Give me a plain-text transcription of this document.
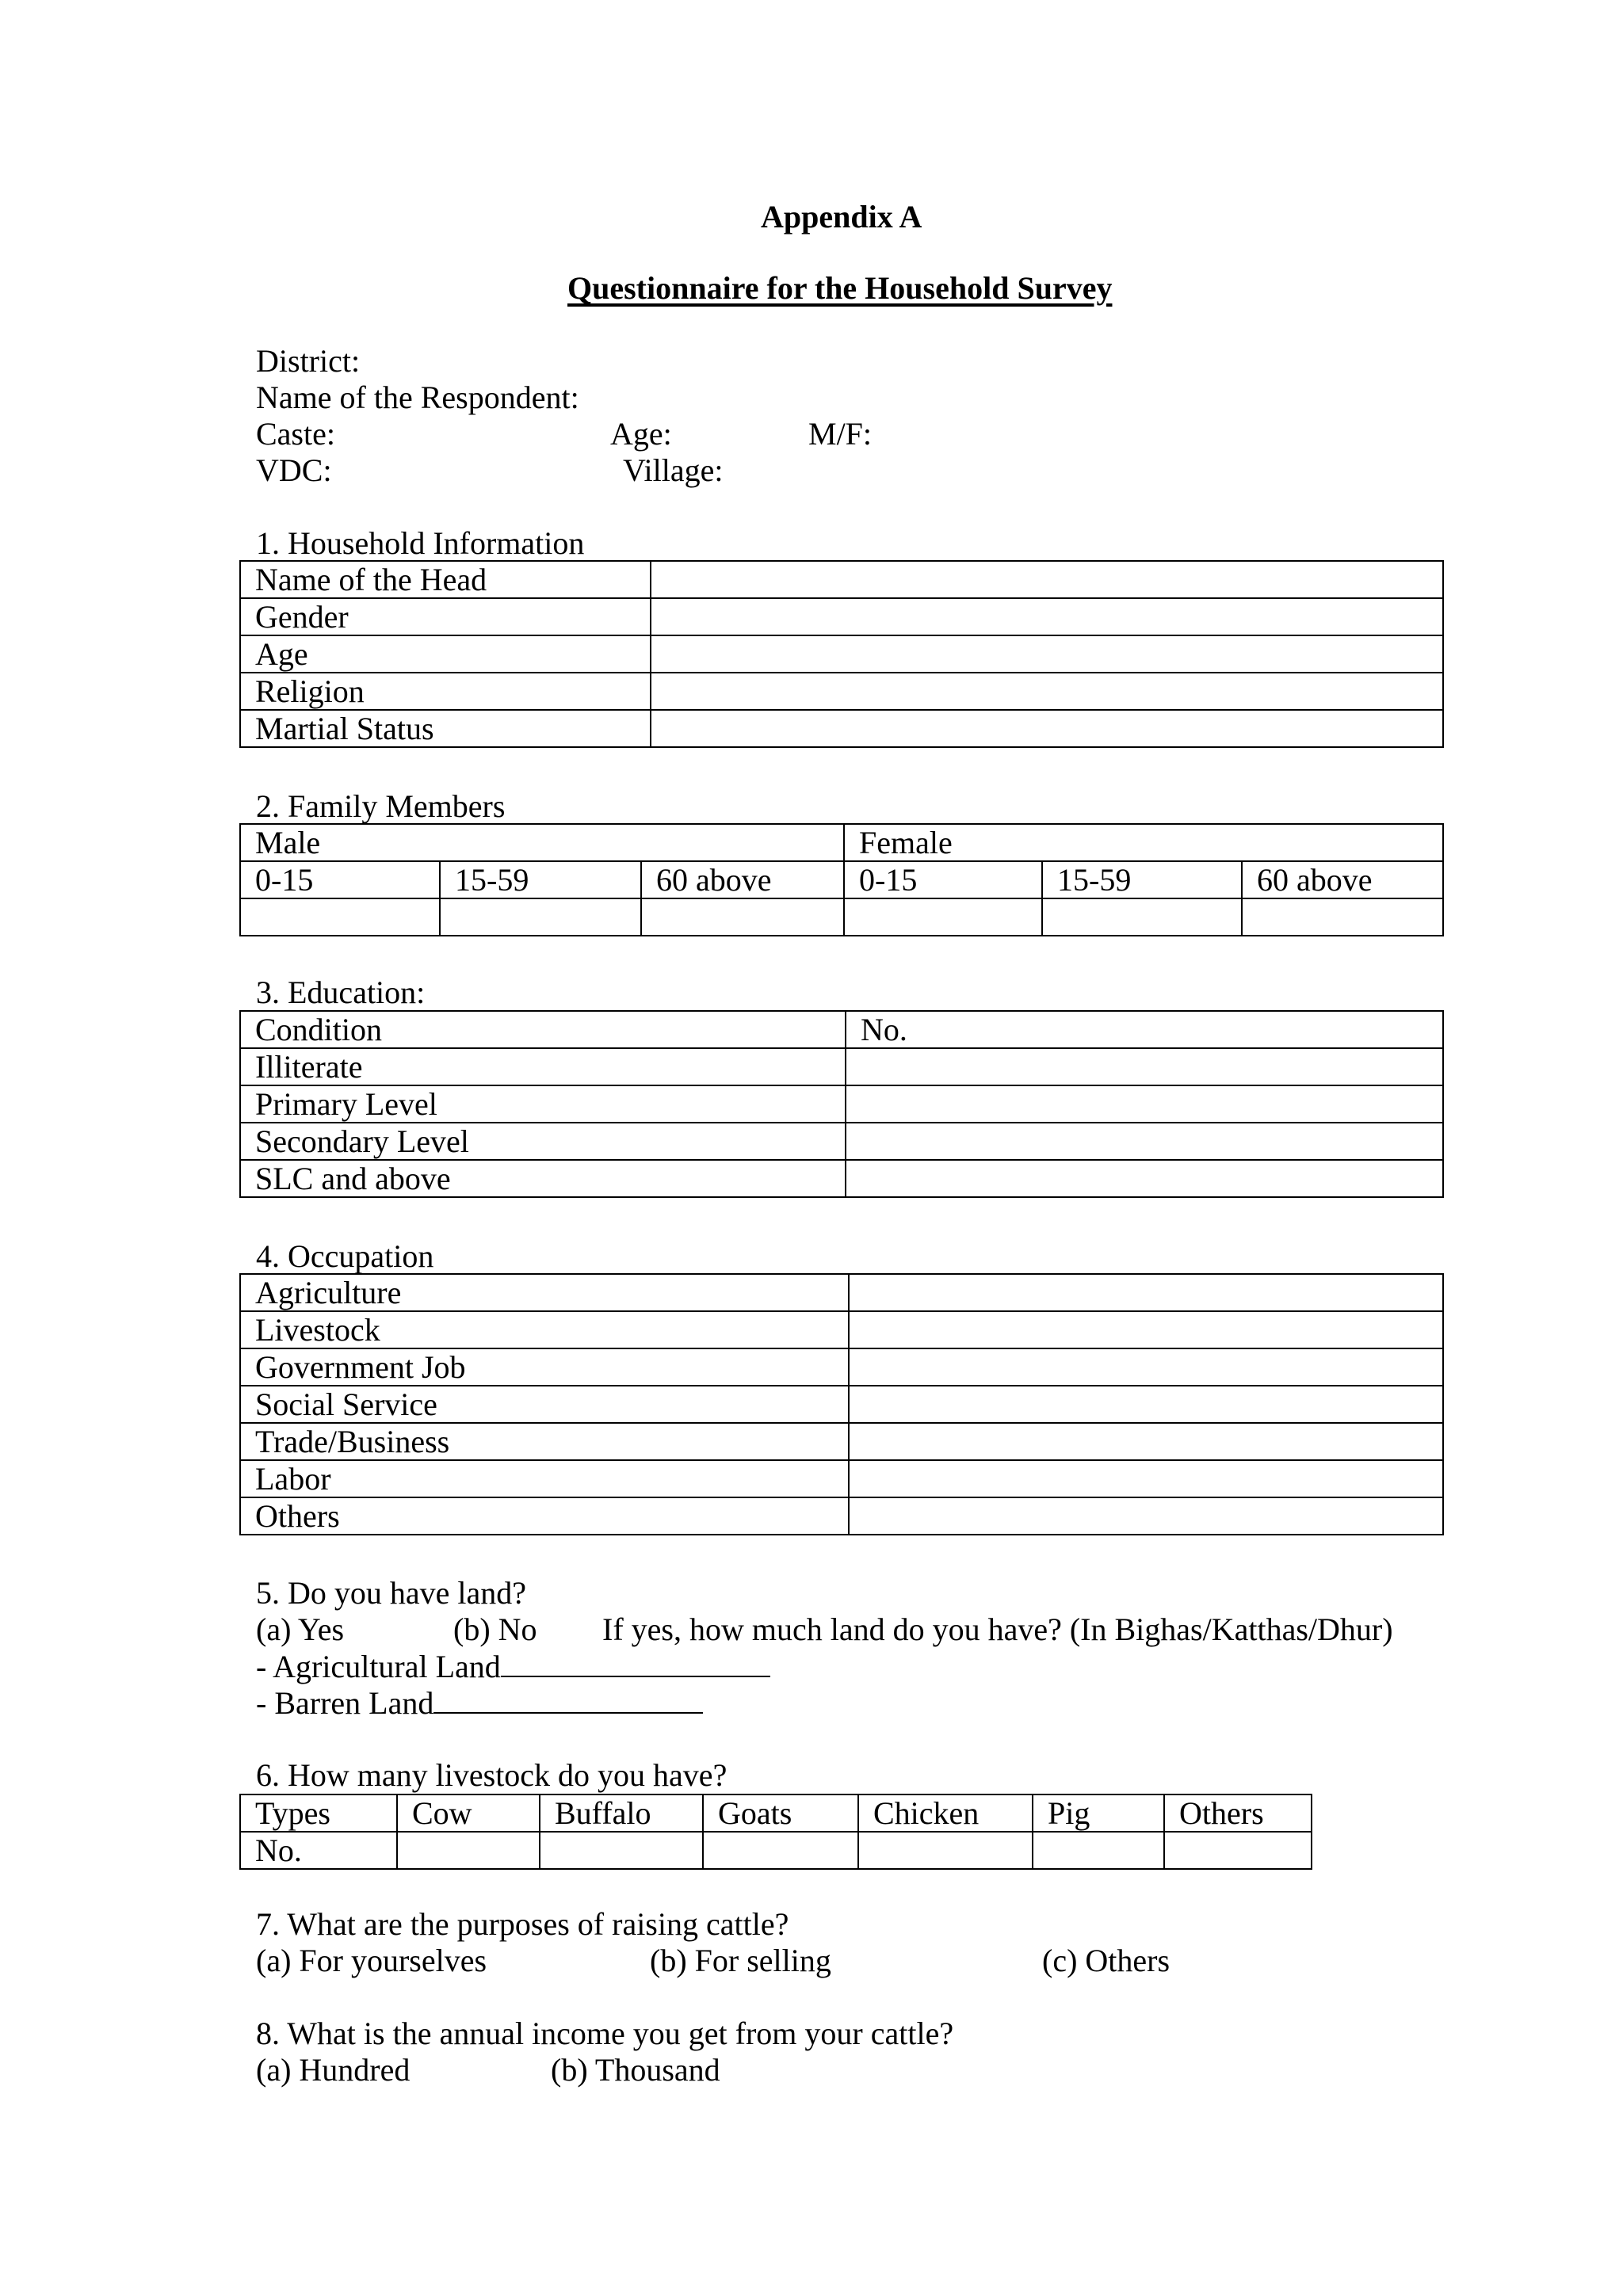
Appendix A
Questionnaire for the Household Survey
District:
Name of the Respondent:
Caste:	Age:	M/F:
VDC:	Village:
1. Household Information
Name of the Head	
Gender	
Age	
Religion	
Martial Status	
2. Family Members
Male			Female		
0-15	15-59	60 above	0-15	15-59	60 above

3. Education:
Condition	No.
Illiterate	
Primary Level	
Secondary Level	
SLC and above	
4. Occupation
Agriculture	
Livestock	
Government Job	
Social Service	
Trade/Business	
Labor	
Others	
5. Do you have land?
(a) Yes	(b) No If yes, how much land do you have? (In Bighas/Katthas/Dhur)
- Agricultural Land
- Barren Land
6. How many livestock do you have?
Types	Cow	Buffalo	Goats	Chicken	Pig	Others
No.						
7. What are the purposes of raising cattle?
(a) For yourselves	(b) For selling	(c) Others
8. What is the annual income you get from your cattle?
(a) Hundred	(b) Thousand
